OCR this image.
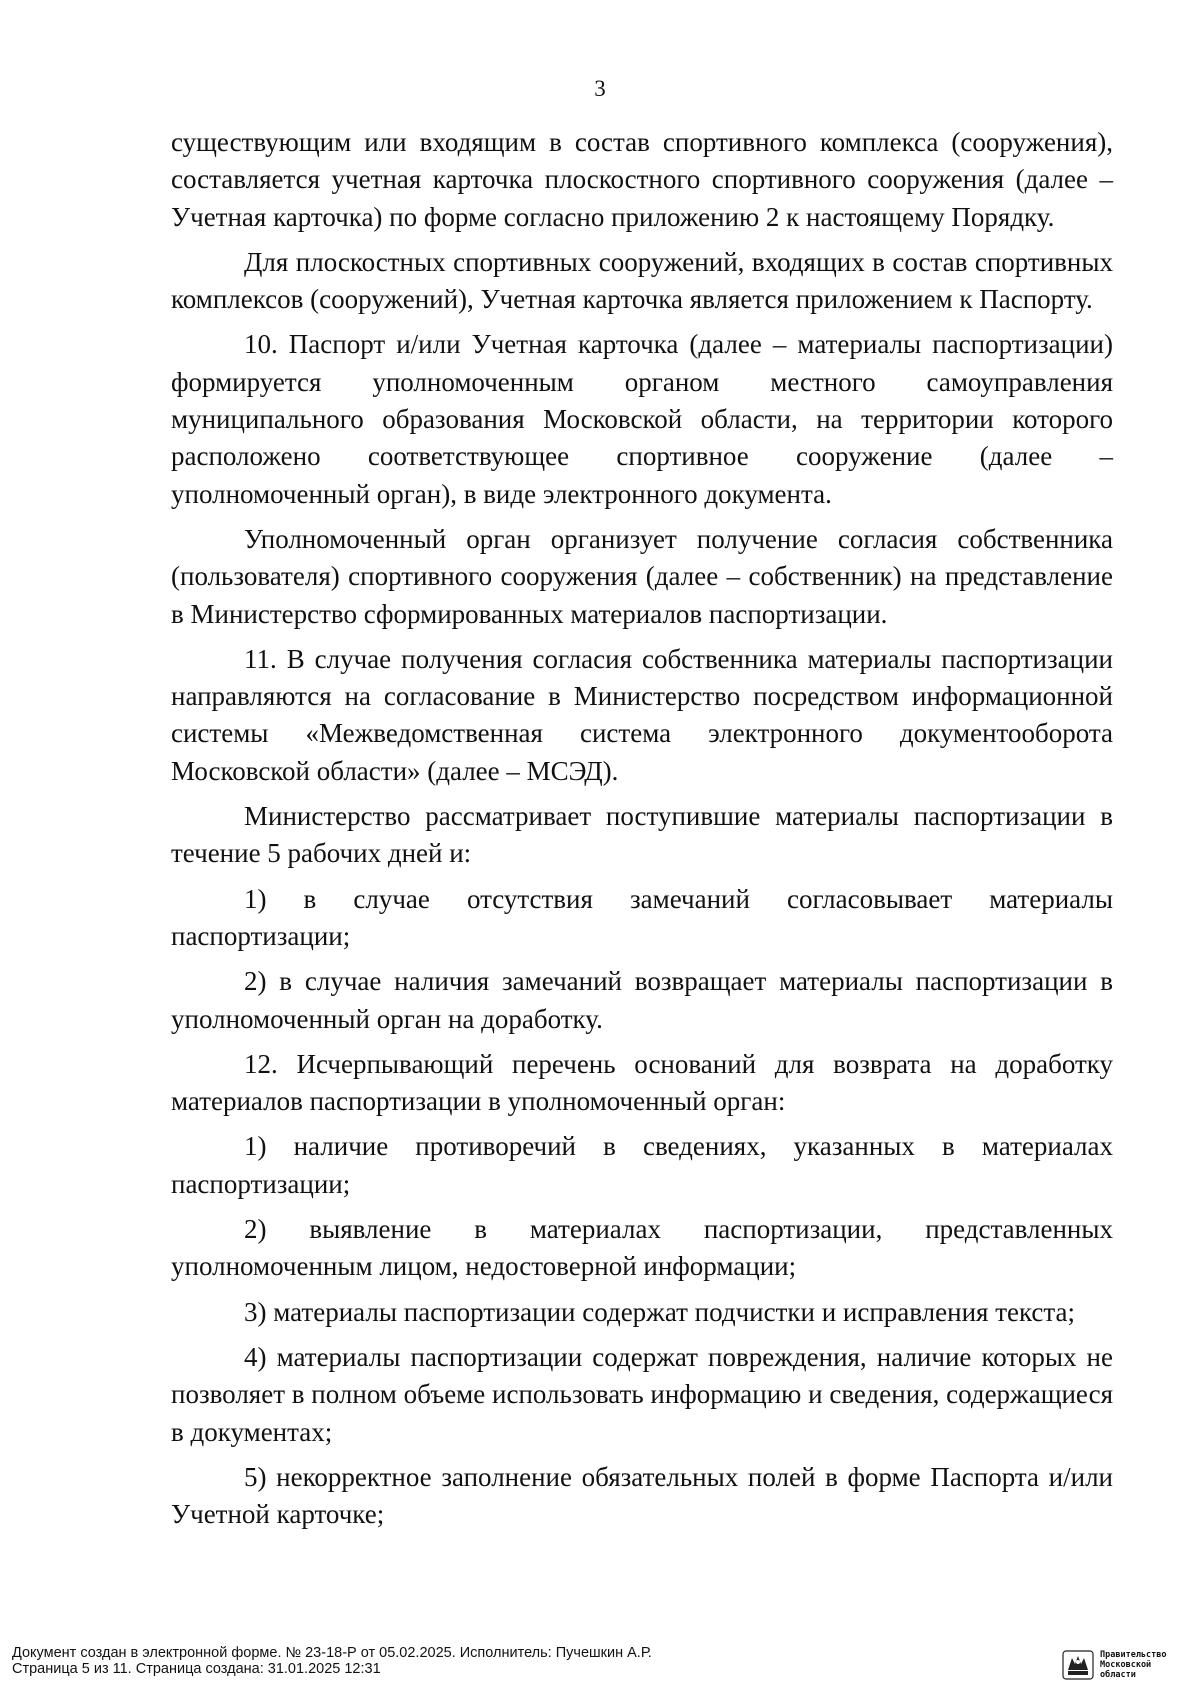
3

существующим или входящим в состав спортивного комплекса (сооружения), составляется учетная карточка плоскостного спортивного сооружения (далее – Учетная карточка) по форме согласно приложению 2 к настоящему Порядку.

Для плоскостных спортивных сооружений, входящих в состав спортивных комплексов (сооружений), Учетная карточка является приложением к Паспорту.

10. Паспорт и/или Учетная карточка (далее – материалы паспортизации) формируется уполномоченным органом местного самоуправления муниципального образования Московской области, на территории которого расположено соответствующее спортивное сооружение (далее – уполномоченный орган), в виде электронного документа.

Уполномоченный орган организует получение согласия собственника (пользователя) спортивного сооружения (далее – собственник) на представление в Министерство сформированных материалов паспортизации.

11. В случае получения согласия собственника материалы паспортизации направляются на согласование в Министерство посредством информационной системы «Межведомственная система электронного документооборота Московской области» (далее – МСЭД).

Министерство рассматривает поступившие материалы паспортизации в течение 5 рабочих дней и:

1) в случае отсутствия замечаний согласовывает материалы паспортизации;

2) в случае наличия замечаний возвращает материалы паспортизации в уполномоченный орган на доработку.

12. Исчерпывающий перечень оснований для возврата на доработку материалов паспортизации в уполномоченный орган:

1) наличие противоречий в сведениях, указанных в материалах паспортизации;

2) выявление в материалах паспортизации, представленных уполномоченным лицом, недостоверной информации;

3) материалы паспортизации содержат подчистки и исправления текста;

4) материалы паспортизации содержат повреждения, наличие которых не позволяет в полном объеме использовать информацию и сведения, содержащиеся в документах;

5) некорректное заполнение обязательных полей в форме Паспорта и/или Учетной карточке;

Документ создан в электронной форме. № 23-18-Р от 05.02.2025. Исполнитель: Пучешкин А.Р.
Страница 5 из 11. Страница создана: 31.01.2025 12:31
Правительство
Московской области
